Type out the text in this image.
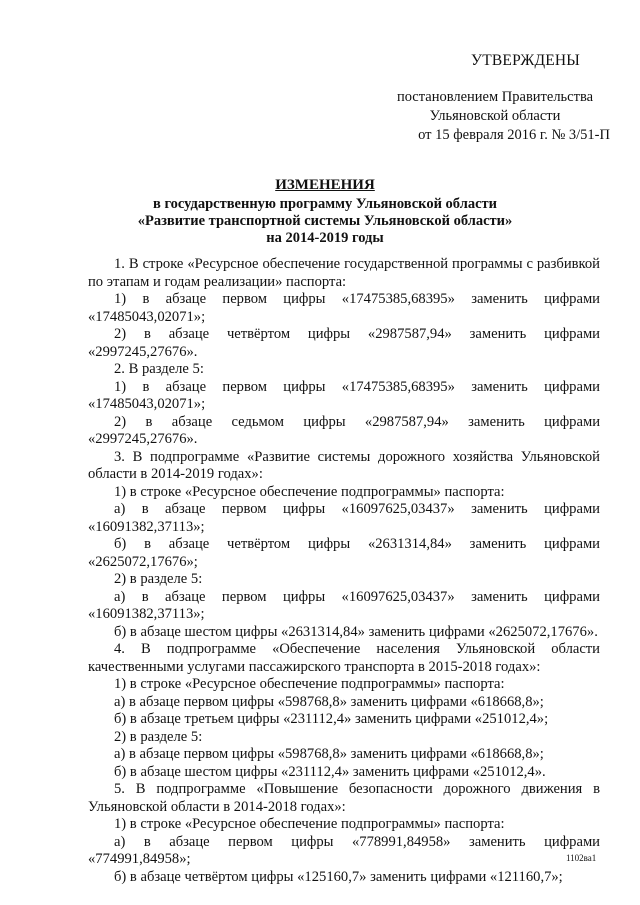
УТВЕРЖДЕНЫ
постановлением Правительства
Ульяновской области
от 15 февраля 2016 г. № 3/51-П
ИЗМЕНЕНИЯ
в государственную программу Ульяновской области
«Развитие транспортной системы Ульяновской области»
на 2014-2019 годы

1. В строке «Ресурсное обеспечение государственной программы с разбивкой по этапам и годам реализации» паспорта:

1) в абзаце первом цифры «17475385,68395» заменить цифрами «17485043,02071»;

2) в абзаце четвёртом цифры «2987587,94» заменить цифрами «2997245,27676».

2. В разделе 5:

1) в абзаце первом цифры «17475385,68395» заменить цифрами «17485043,02071»;

2) в абзаце седьмом цифры «2987587,94» заменить цифрами «2997245,27676».

3. В подпрограмме «Развитие системы дорожного хозяйства Ульяновской области в 2014-2019 годах»:

1) в строке «Ресурсное обеспечение подпрограммы» паспорта:

а) в абзаце первом цифры «16097625,03437» заменить цифрами «16091382,37113»;

б) в абзаце четвёртом цифры «2631314,84» заменить цифрами «2625072,17676»;

2) в разделе 5:

а) в абзаце первом цифры «16097625,03437» заменить цифрами «16091382,37113»;

б) в абзаце шестом цифры «2631314,84» заменить цифрами «2625072,17676».

4. В подпрограмме «Обеспечение населения Ульяновской области качественными услугами пассажирского транспорта в 2015-2018 годах»:

1) в строке «Ресурсное обеспечение подпрограммы» паспорта:

а) в абзаце первом цифры «598768,8» заменить цифрами «618668,8»;

б) в абзаце третьем цифры «231112,4» заменить цифрами «251012,4»;

2) в разделе 5:

а) в абзаце первом цифры «598768,8» заменить цифрами «618668,8»;

б) в абзаце шестом цифры «231112,4» заменить цифрами «251012,4».

5. В подпрограмме «Повышение безопасности дорожного движения в Ульяновской области в 2014-2018 годах»:

1) в строке «Ресурсное обеспечение подпрограммы» паспорта:

а) в абзаце первом цифры «778991,84958» заменить цифрами «774991,84958»;

б) в абзаце четвёртом цифры «125160,7» заменить цифрами «121160,7»;

1102ва1
